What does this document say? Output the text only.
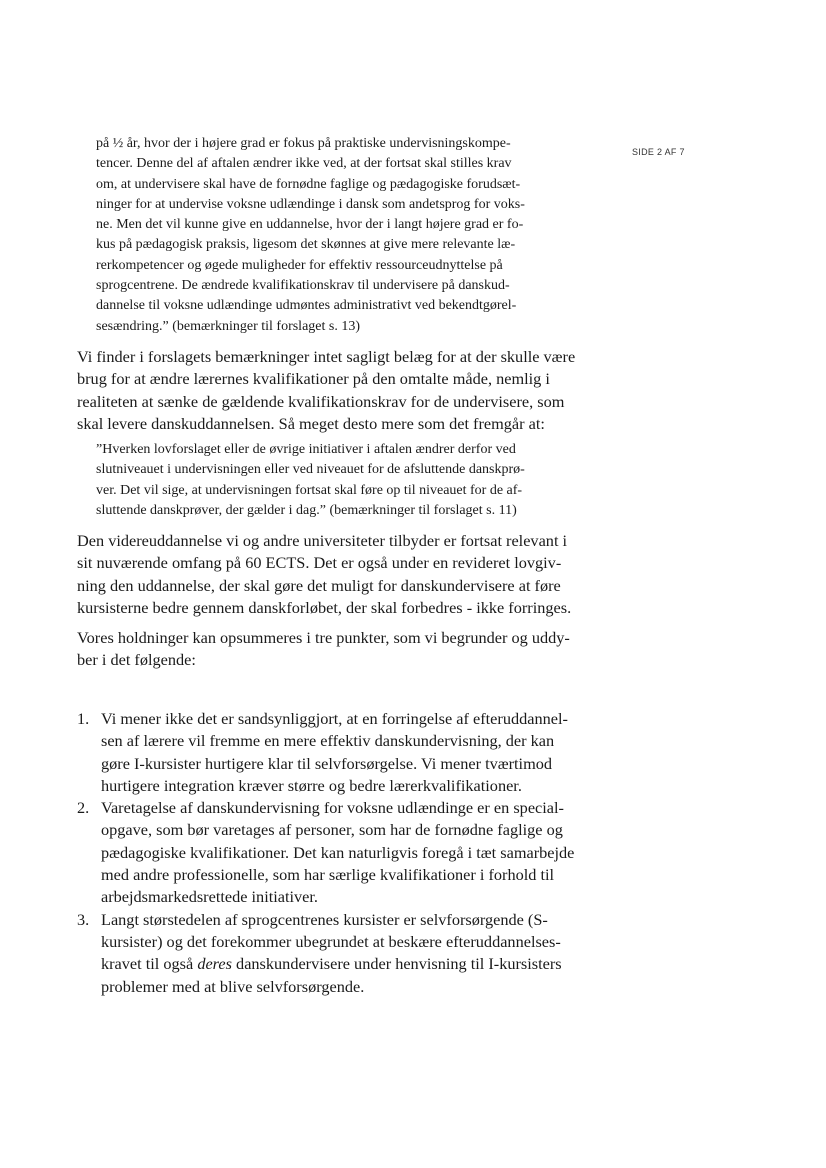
SIDE 2 AF 7
på ½ år, hvor der i højere grad er fokus på praktiske undervisningskompe-
tencer. Denne del af aftalen ændrer ikke ved, at der fortsat skal stilles krav
om, at undervisere skal have de fornødne faglige og pædagogiske forudsæt-
ninger for at undervise voksne udlændinge i dansk som andetsprog for voks-
ne. Men det vil kunne give en uddannelse, hvor der i langt højere grad er fo-
kus på pædagogisk praksis, ligesom det skønnes at give mere relevante læ-
rerkompetencer og øgede muligheder for effektiv ressourceudnyttelse på
sprogcentrene. De ændrede kvalifikationskrav til undervisere på danskud-
dannelse til voksne udlændinge udmøntes administrativt ved bekendtgørel-
sesændring.” (bemærkninger til forslaget s. 13)
Vi finder i forslagets bemærkninger intet sagligt belæg for at der skulle være
brug for at ændre lærernes kvalifikationer på den omtalte måde, nemlig i
realiteten at sænke de gældende kvalifikationskrav for de undervisere, som
skal levere danskuddannelsen. Så meget desto mere som det fremgår at:
”Hverken lovforslaget eller de øvrige initiativer i aftalen ændrer derfor ved
slutniveauet i undervisningen eller ved niveauet for de afsluttende danskprø-
ver. Det vil sige, at undervisningen fortsat skal føre op til niveauet for de af-
sluttende danskprøver, der gælder i dag.” (bemærkninger til forslaget s. 11)
Den videreuddannelse vi og andre universiteter tilbyder er fortsat relevant i
sit nuværende omfang på 60 ECTS. Det er også under en revideret lovgiv-
ning den uddannelse, der skal gøre det muligt for danskundervisere at føre
kursisterne bedre gennem danskforløbet, der skal forbedres - ikke forringes.
Vores holdninger kan opsummeres i tre punkter, som vi begrunder og uddy-
ber i det følgende:
1. Vi mener ikke det er sandsynliggjort, at en forringelse af efteruddannel-
sen af lærere vil fremme en mere effektiv danskundervisning, der kan
gøre I-kursister hurtigere klar til selvforsørgelse. Vi mener tværtimod
hurtigere integration kræver større og bedre lærerkvalifikationer.
2. Varetagelse af danskundervisning for voksne udlændinge er en special-
opgave, som bør varetages af personer, som har de fornødne faglige og
pædagogiske kvalifikationer. Det kan naturligvis foregå i tæt samarbejde
med andre professionelle, som har særlige kvalifikationer i forhold til
arbejdsmarkedsrettede initiativer.
3. Langt størstedelen af sprogcentrenes kursister er selvforsørgende (S-
kursister) og det forekommer ubegrundet at beskære efteruddannelses-
kravet til også deres danskundervisere under henvisning til I-kursisters
problemer med at blive selvforsørgende.
